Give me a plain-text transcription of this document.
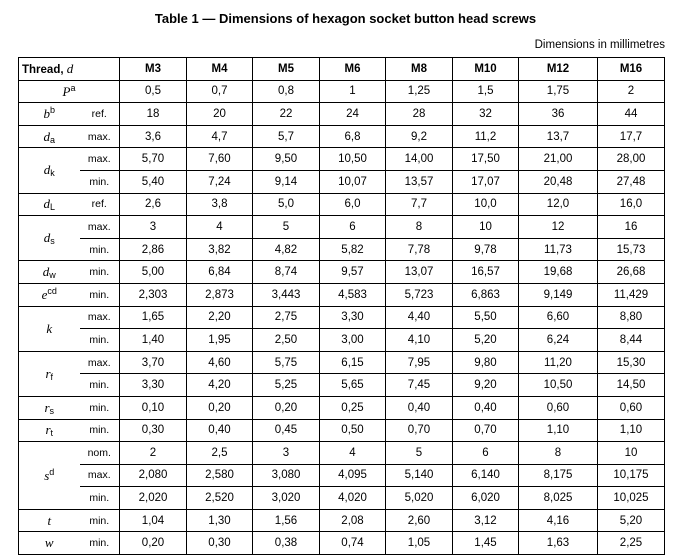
Table 1 — Dimensions of hexagon socket button head screws
Dimensions in millimetres
Thread, d		M3	M4	M5	M6	M8	M10	M12	M16
$P^a$		0,5	0,7	0,8	1	1,25	1,5	1,75	2
$b^b$	ref.	18	20	22	24	28	32	36	44
$d_a$	max.	3,6	4,7	5,7	6,8	9,2	11,2	13,7	17,7
$d_k$	max.	5,70	7,60	9,50	10,50	14,00	17,50	21,00	28,00
	min.	5,40	7,24	9,14	10,07	13,57	17,07	20,48	27,48
$d_L$	ref.	2,6	3,8	5,0	6,0	7,7	10,0	12,0	16,0
$d_s$	max.	3	4	5	6	8	10	12	16
	min.	2,86	3,82	4,82	5,82	7,78	9,78	11,73	15,73
$d_w$	min.	5,00	6,84	8,74	9,57	13,07	16,57	19,68	26,68
$e^{cd}$	min.	2,303	2,873	3,443	4,583	5,723	6,863	9,149	11,429
k	max.	1,65	2,20	2,75	3,30	4,40	5,50	6,60	8,80
	min.	1,40	1,95	2,50	3,00	4,10	5,20	6,24	8,44
$r_f$	max.	3,70	4,60	5,75	6,15	7,95	9,80	11,20	15,30
	min.	3,30	4,20	5,25	5,65	7,45	9,20	10,50	14,50
$r_s$	min.	0,10	0,20	0,20	0,25	0,40	0,40	0,60	0,60
$r_t$	min.	0,30	0,40	0,45	0,50	0,70	0,70	1,10	1,10
$s^d$	nom.	2	2,5	3	4	5	6	8	10
	max.	2,080	2,580	3,080	4,095	5,140	6,140	8,175	10,175
	min.	2,020	2,520	3,020	4,020	5,020	6,020	8,025	10,025
t	min.	1,04	1,30	1,56	2,08	2,60	3,12	4,16	5,20
w	min.	0,20	0,30	0,38	0,74	1,05	1,45	1,63	2,25
